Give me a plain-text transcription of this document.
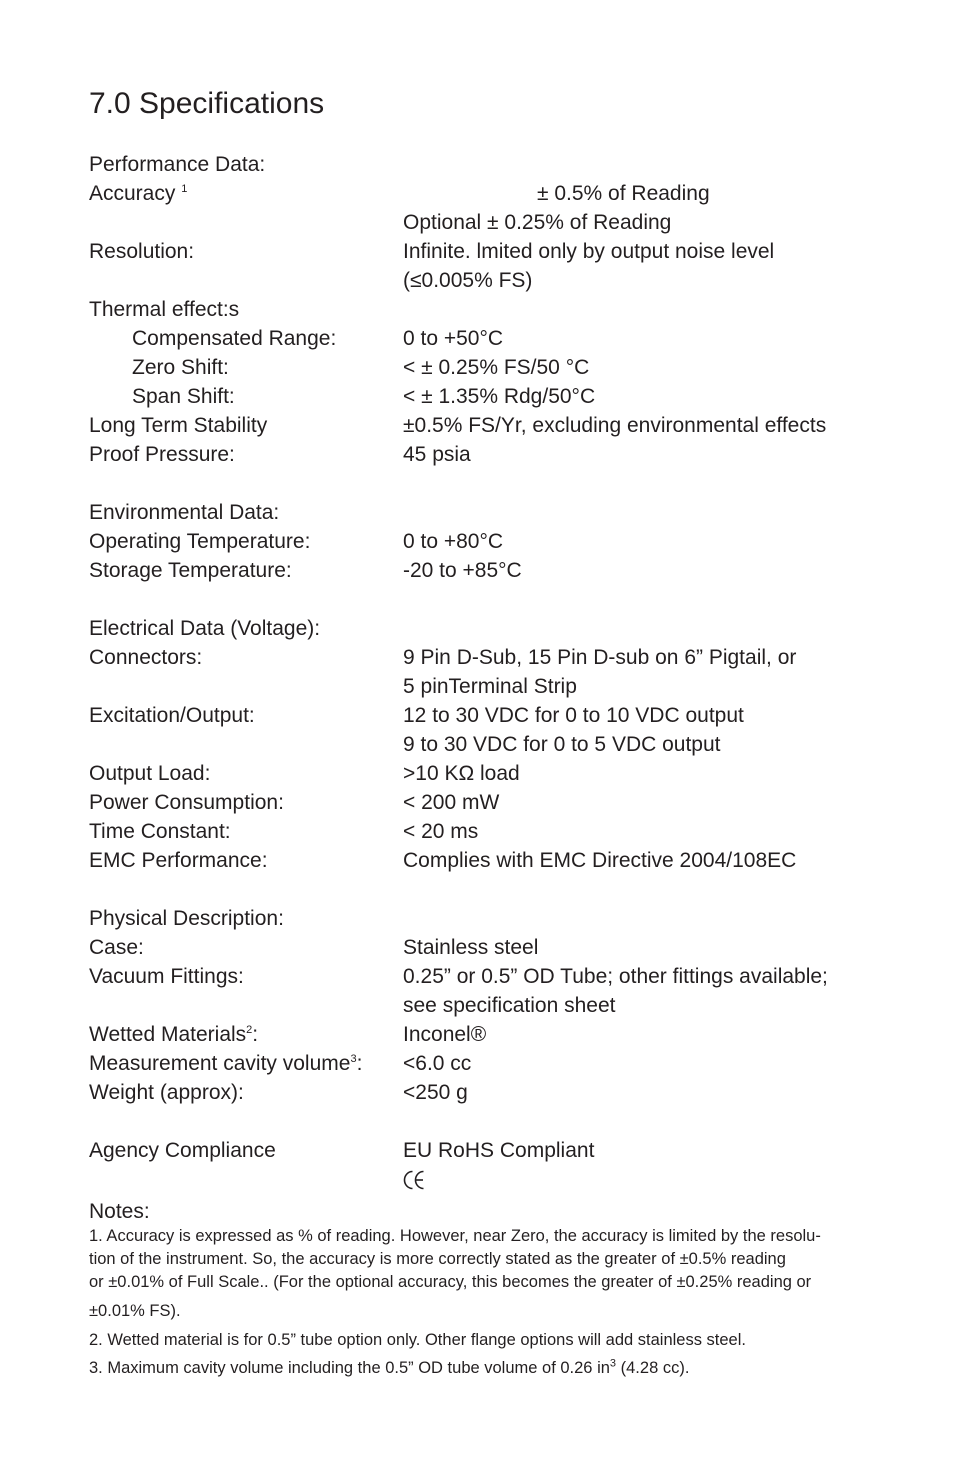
7.0 Specifications
Performance Data:
Accuracy $^1$	± 0.5% of Reading
Optional ± 0.25% of Reading
Resolution:	Infinite. lmited only by output noise level
(≤0.005% FS)
Thermal effect:s
Compensated Range:	0 to +50°C
Zero Shift:	< ± 0.25% FS/50 °C
Span Shift:	< ± 1.35% Rdg/50°C
Long Term Stability	±0.5% FS/Yr, excluding environmental effects
Proof Pressure:	45 psia
Environmental Data:
Operating Temperature:	0 to +80°C
Storage Temperature:	-20 to +85°C
Electrical Data (Voltage):
Connectors:	9 Pin D-Sub, 15 Pin D-sub on 6” Pigtail, or
5 pinTerminal Strip
Excitation/Output:	12 to 30 VDC for 0 to 10 VDC output
9 to 30 VDC for 0 to 5 VDC output
Output Load:	>10 KΩ load
Power Consumption:	< 200 mW
Time Constant:	< 20 ms
EMC Performance:	Complies with EMC Directive 2004/108EC
Physical Description:
Case:	Stainless steel
Vacuum Fittings:	0.25” or 0.5” OD Tube; other fittings available;
see specification sheet
Wetted Materials$^2$:	Inconel®
Measurement cavity volume$^3$: <6.0 cc
Weight (approx):	<250 g
Agency Compliance	EU RoHS Compliant
Notes:

1. Accuracy is expressed as % of reading. However, near Zero, the accuracy is limited by the resolu-
tion of the instrument. So, the accuracy is more correctly stated as the greater of ±0.5% reading
or ±0.01% of Full Scale.. (For the optional accuracy, this becomes the greater of ±0.25% reading or
±0.01% FS).

2. Wetted material is for 0.5” tube option only. Other flange options will add stainless steel.

3. Maximum cavity volume including the 0.5” OD tube volume of 0.26 $in^3$ (4.28 cc).
